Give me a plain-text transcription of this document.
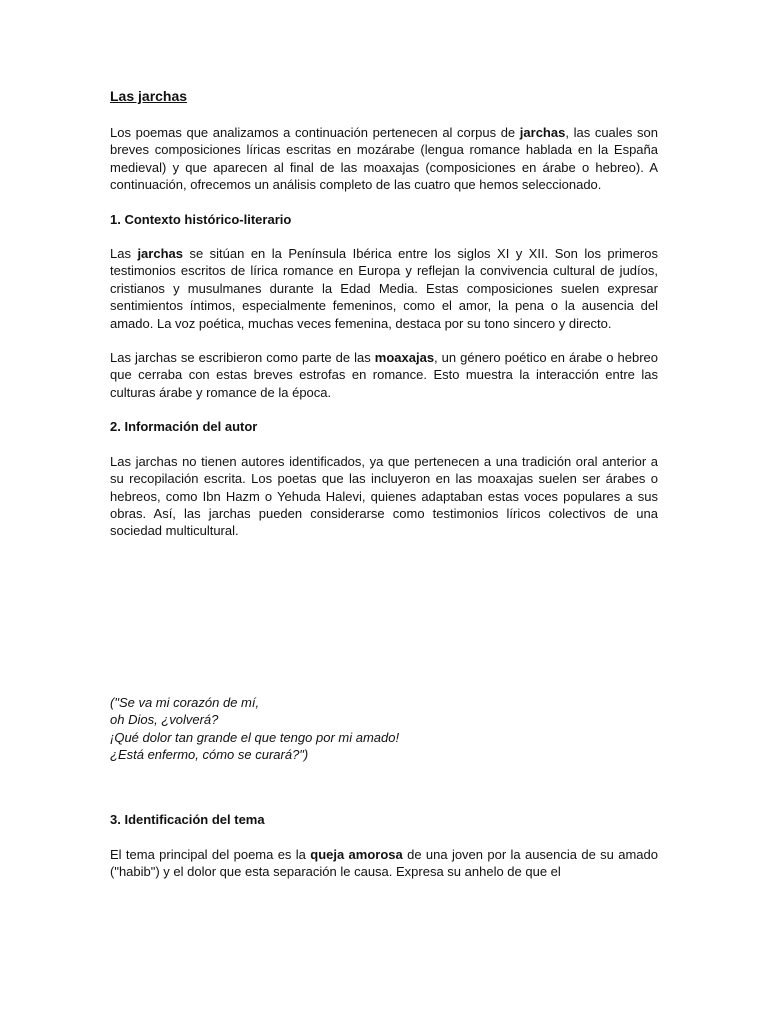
Las jarchas

Los poemas que analizamos a continuación pertenecen al corpus de jarchas, las cuales son breves composiciones líricas escritas en mozárabe (lengua romance hablada en la España medieval) y que aparecen al final de las moaxajas (composiciones en árabe o hebreo). A continuación, ofrecemos un análisis completo de las cuatro que hemos seleccionado.

1. Contexto histórico-literario

Las jarchas se sitúan en la Península Ibérica entre los siglos XI y XII. Son los primeros testimonios escritos de lírica romance en Europa y reflejan la convivencia cultural de judíos, cristianos y musulmanes durante la Edad Media. Estas composiciones suelen expresar sentimientos íntimos, especialmente femeninos, como el amor, la pena o la ausencia del amado. La voz poética, muchas veces femenina, destaca por su tono sincero y directo.

Las jarchas se escribieron como parte de las moaxajas, un género poético en árabe o hebreo que cerraba con estas breves estrofas en romance. Esto muestra la interacción entre las culturas árabe y romance de la época.

2. Información del autor

Las jarchas no tienen autores identificados, ya que pertenecen a una tradición oral anterior a su recopilación escrita. Los poetas que las incluyeron en las moaxajas suelen ser árabes o hebreos, como Ibn Hazm o Yehuda Halevi, quienes adaptaban estas voces populares a sus obras. Así, las jarchas pueden considerarse como testimonios líricos colectivos de una sociedad multicultural.

("Se va mi corazón de mí,
oh Dios, ¿volverá?
¡Qué dolor tan grande el que tengo por mi amado!
¿Está enfermo, cómo se curará?")

3. Identificación del tema

El tema principal del poema es la queja amorosa de una joven por la ausencia de su amado ("habib") y el dolor que esta separación le causa. Expresa su anhelo de que el
